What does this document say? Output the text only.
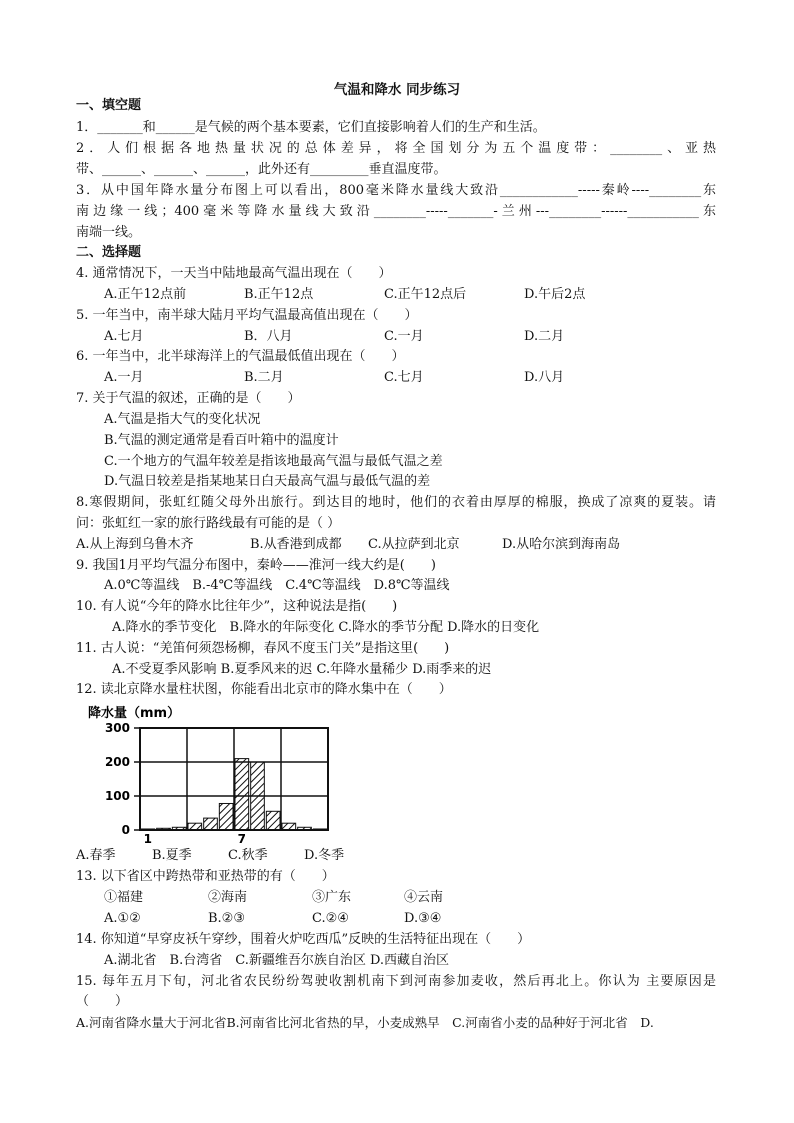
气温和降水 同步练习
一、填空题
1．_______和______是气候的两个基本要素，它们直接影响着人们的生产和生活。
2．人们根据各地热量状况的总体差异，将全国划分为五个温度带：________、亚热
带、______、______、______，此外还有_________垂直温度带。
3．从中国年降水量分布图上可以看出，800毫米降水量线大致沿____________-----秦岭----________东
南边缘一线；400毫米等降水量线大致沿________-----_______-兰州---________------___________东
南端一线。
二、选择题
4. 通常情况下，一天当中陆地最高气温出现在（　　）
A.正午12点前	B.正午12点	C.正午12点后	D.午后2点
5. 一年当中，南半球大陆月平均气温最高值出现在（　　）
A.七月	B．八月	C.一月	D.二月
6. 一年当中，北半球海洋上的气温最低值出现在（　　）
A.一月	B.二月	C.七月	D.八月
7. 关于气温的叙述，正确的是（　　）
A.气温是指大气的变化状况
B.气温的测定通常是看百叶箱中的温度计
C.一个地方的气温年较差是指该地最高气温与最低气温之差
D.气温日较差是指某地某日白天最高气温与最低气温的差
8.寒假期间，张虹红随父母外出旅行。到达目的地时，他们的衣着由厚厚的棉服，换成了凉爽的夏装。请
问：张虹红一家的旅行路线最有可能的是（ ）
A.从上海到乌鲁木齐	B.从香港到成都 C.从拉萨到北京	D.从哈尔滨到海南岛
9. 我国1月平均气温分布图中，秦岭——淮河一线大约是(　　)
A.0℃等温线　B.-4℃等温线　C.4℃等温线　D.8℃等温线
10. 有人说“今年的降水比往年少”，这种说法是指(　　)
A.降水的季节变化　B.降水的年际变化 C.降水的季节分配 D.降水的日变化
11. 古人说：“羌笛何须怨杨柳，春风不度玉门关”是指这里(　　)
A.不受夏季风影响 B.夏季风来的迟 C.年降水量稀少 D.雨季来的迟
12. 读北京降水量柱状图，你能看出北京市的降水集中在（　　）
降水量（mm）
0
100
200
300
1	7
A.春季	B.夏季	C.秋季	D.冬季
13. 以下省区中跨热带和亚热带的有（　　）
①福建	②海南	③广东	④云南
A.①②	B.②③	C.②④	D.③④
14. 你知道“早穿皮袄午穿纱，围着火炉吃西瓜”反映的生活特征出现在（　　）
A.湖北省　B.台湾省　C.新疆维吾尔族自治区 D.西藏自治区
15. 每年五月下旬，河北省农民纷纷驾驶收割机南下到河南参加麦收，然后再北上。你认为 主要原因是
（　　）
A.河南省降水量大于河北省B.河南省比河北省热的早，小麦成熟早　C.河南省小麦的品种好于河北省　D.
